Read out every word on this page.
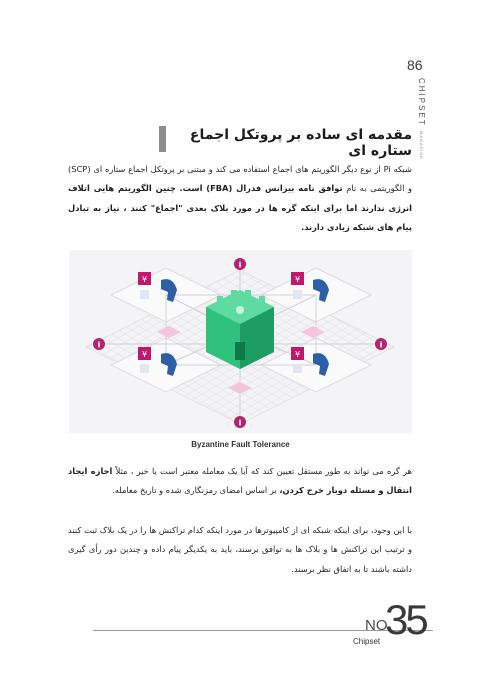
86
CHIPSET MAGAZINE
مقدمه ای ساده بر پروتکل اجماع ستاره ای
شبکه Pi از نوع دیگر الگوریتم های اجماع استفاده می کند و مبتنی بر پروتکل اجماع ستاره ای (SCP) و الگوریتمی به نام توافق نامه بیزانس فدرال (FBA) است. چنین الگوریتم هایی اتلاف انرژی ندارند اما برای اینکه گره ها در مورد بلاک بعدی "اجماع" کنند ، نیاز به تبادل پیام های شبکه زیادی دارند.
¥	¥
¥	¥
i
i	i
i
Byzantine Fault Tolerance
هر گره می تواند به طور مستقل تعیین کند که آیا یک معامله معتبر است یا خیر ، مثلاً اجازه ایجاد انتقال و مسئله دوبار خرج کردن، بر اساس امضای رمزنگاری شده و تاریخ معامله.
با این وجود، برای اینکه شبکه ای از کامپیوترها در مورد اینکه کدام تراکنش ها را در یک بلاک ثبت کنند و ترتیب این تراکنش ها و بلاک ها به توافق برسند، باید به یکدیگر پیام داده و چندین دور رأی گیری داشته باشند تا به اتفاق نظر برسند.
NO.
35
Chipset
